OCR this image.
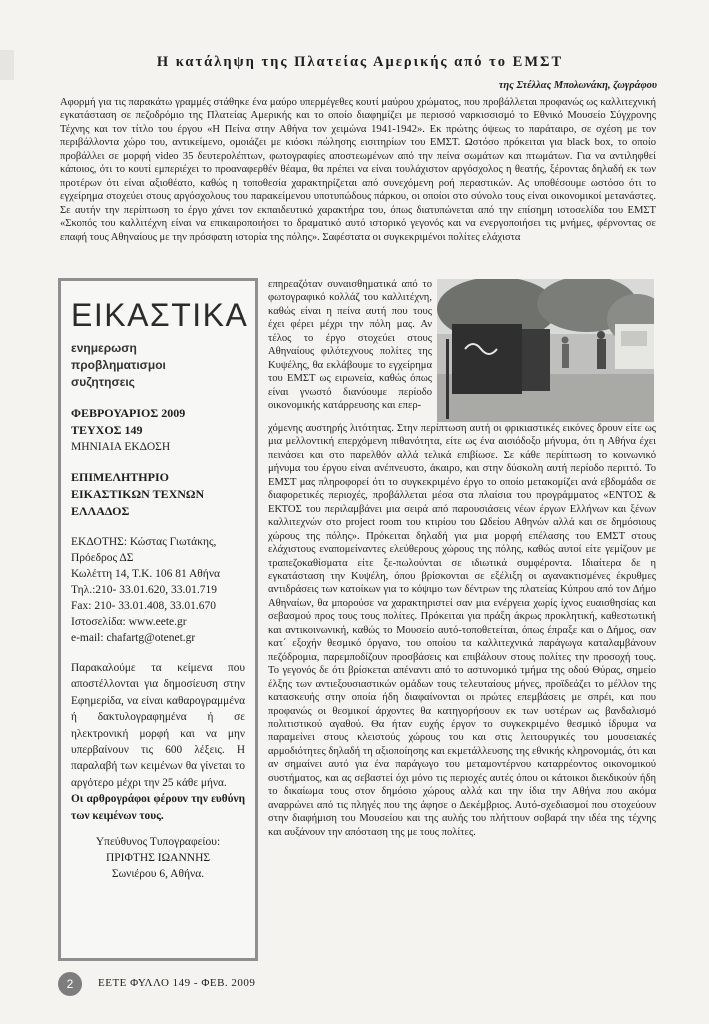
Η κατάληψη της Πλατείας Αμερικής από το ΕΜΣΤ
της Στέλλας Μπολωνάκη, ζωγράφου

Αφορμή για τις παρακάτω γραμμές στάθηκε ένα μαύρο υπερμέγεθες κουτί μαύρου χρώματος, που προβάλλεται προφανώς ως καλλιτεχνική εγκατάσταση σε πεζοδρόμιο της Πλατείας Αμερικής και το οποίο διαφημίζει με περισσό ναρκισσισμό το Εθνικό Μουσείο Σύγχρονης Τέχνης και τον τίτλο του έργου «Η Πείνα στην Αθήνα τον χειμώνα 1941-1942». Εκ πρώτης όψεως το παράταιρο, σε σχέση με τον περιβάλλοντα χώρο του, αντικείμενο, ομοιάζει με κιόσκι πώλησης εισιτηρίων του ΕΜΣΤ. Ωστόσο πρόκειται για black box, το οποίο προβάλλει σε μορφή video 35 δευτερολέπτων, φωτογραφίες αποστεωμένων από την πείνα σωμάτων και πτωμάτων. Για να αντιληφθεί κάποιος, ότι το κουτί εμπεριέχει το προαναφερθέν θέαμα, θα πρέπει να είναι τουλάχιστον αργόσχολος η θεατής, ξέροντας δηλαδή εκ των προτέρων ότι είναι αξιοθέατο, καθώς η τοποθεσία χαρακτηρίζεται από συνεχόμενη ροή περαστικών. Ας υποθέσουμε ωστόσο ότι το εγχείρημα στοχεύει στους αργόσχολους του παρακείμενου υποτυπώδους πάρκου, οι οποίοι στο σύνολο τους είναι οικονομικοί μετανάστες. Σε αυτήν την περίπτωση το έργο χάνει τον εκπαιδευτικό χαρακτήρα του, όπως διατυπώνεται από την επίσημη ιστοσελίδα του ΕΜΣΤ «Σκοπός του καλλιτέχνη είναι να επικαιροποιήσει το δραματικό αυτό ιστορικό γεγονός και να ενεργοποιήσει τις μνήμες, φέρνοντας σε επαφή τους Αθηναίους με την πρόσφατη ιστορία της πόλης». Σαφέστατα οι συγκεκριμένοι πολίτες ελάχιστα

ΕΙΚΑΣΤΙΚΑ
ενημερωση
προβληματισμοι
συζητησεις
ΦΕΒΡΟΥΑΡΙΟΣ 2009
ΤΕΥΧΟΣ 149
ΜΗΝΙΑΙΑ ΕΚΔΟΣΗ
ΕΠΙΜΕΛΗΤΗΡΙΟ
ΕΙΚΑΣΤΙΚΩΝ ΤΕΧΝΩΝ
ΕΛΛΑΔΟΣ
ΕΚΔΟΤΗΣ: Κώστας Γιωτάκης,
Πρόεδρος ΔΣ
Κωλέττη 14, Τ.Κ. 106 81 Αθήνα
Τηλ.:210- 33.01.620, 33.01.719
Fax: 210- 33.01.408, 33.01.670
Ιστοσελίδα: www.eete.gr
e-mail: chafartg@otenet.gr
Παρακαλούμε τα κείμενα που αποστέλλονται για δημοσίευση στην Εφημερίδα, να είναι καθαρογραμμένα ή δακτυλογραφημένα ή σε ηλεκτρονική μορφή και να μην υπερβαίνουν τις 600 λέξεις. Η παραλαβή των κειμένων θα γίνεται το αργότερο μέχρι την 25 κάθε μήνα.
Οι αρθρογράφοι φέρουν την ευθύνη των κειμένων τους.
Υπεύθυνος Τυπογραφείου:
ΠΡΙΦΤΗΣ ΙΩΑΝΝΗΣ
Σωνιέρου 6, Αθήνα.
επηρεαζόταν συναισθηματικά από το φωτογραφικό κολλάζ του καλλιτέχνη, καθώς είναι η πείνα αυτή που τους έχει φέρει μέχρι την πόλη μας. Αν τέλος το έργο στοχεύει στους Αθηναίους φιλότεχνους πολίτες της Κυψέλης, θα εκλάβουμε το εγχείρημα του ΕΜΣΤ ως ειρωνεία, καθώς όπως είναι γνωστό διανύουμε περίοδο οικονομικής κατάρρευσης και επερ-
χόμενης αυστηρής λιτότητας. Στην περίπτωση αυτή οι φρικιαστικές εικόνες δρουν είτε ως μια μελλοντική επερχόμενη πιθανότητα, είτε ως ένα αισιόδοξο μήνυμα, ότι η Αθήνα έχει πεινάσει και στο παρελθόν αλλά τελικά επιβίωσε. Σε κάθε περίπτωση το κοινωνικό μήνυμα του έργου είναι ανέπνευστο, άκαιρο, και στην δύσκολη αυτή περίοδο περιττό. Το ΕΜΣΤ μας πληροφορεί ότι το συγκεκριμένο έργο το οποίο μετακομίζει ανά εβδομάδα σε διαφορετικές περιοχές, προβάλλεται μέσα στα πλαίσια του προγράμματος «ΕΝΤΟΣ & ΕΚΤΟΣ του περιλαμβάνει μια σειρά από παρουσιάσεις νέων έργων Ελλήνων και ξένων καλλιτεχνών στο project room του κτιρίου του Ωδείου Αθηνών αλλά και σε δημόσιους χώρους της πόλης». Πρόκειται δηλαδή για μια μορφή επέλασης του ΕΜΣΤ στους ελάχιστους εναπομείναντες ελεύθερους χώρους της πόλης, καθώς αυτοί είτε γεμίζουν με τραπεζοκαθίσματα είτε ξε-πωλούνται σε ιδιωτικά συμφέροντα. Ιδιαίτερα δε η εγκατάσταση την Κυψέλη, όπου βρίσκονται σε εξέλιξη οι αγανακτισμένες έκρυθμες αντιδράσεις των κατοίκων για το κόψιμο των δέντρων της πλατείας Κύπρου από τον Δήμο Αθηναίων, θα μπορούσε να χαρακτηριστεί σαν μια ενέργεια χωρίς ίχνος ευαισθησίας και σεβασμού προς τους τους πολίτες. Πρόκειται για πράξη άκρως προκλητική, καθεστωτική και αντικοινωνική, καθώς το Μουσείο αυτό-τοποθετείται, όπως έπραξε και ο Δήμος, σαν κατ΄ εξοχήν θεσμικό όργανο, του οποίου τα καλλιτεχνικά παράγωγα καταλαμβάνουν πεζόδρομια, παρεμποδίζουν προσβάσεις και επιβάλουν στους πολίτες την προσοχή τους. Το γεγονός δε ότι βρίσκεται απέναντι από το αστυνομικό τμήμα της οδού Θύρας, σημείο έλξης των αντιεξουσιαστικών ομάδων τους τελευταίους μήνες, προϊδεάζει το μέλλον της κατασκευής στην οποία ήδη διαφαίνονται οι πρώτες επεμβάσεις με σπρέι, και που προφανώς οι θεσμικοί άρχοντες θα κατηγορήσουν εκ των υστέρων ως βανδαλισμό πολιτιστικού αγαθού. Θα ήταν ευχής έργον το συγκεκριμένο θεσμικό ίδρυμα να παραμείνει στους κλειστούς χώρους του και στις λειτουργικές του μουσειακές αρμοδιότητες δηλαδή τη αξιοποίησης και εκμετάλλευσης της εθνικής κληρονομιάς, ότι και αν σημαίνει αυτό για ένα παράγωγο του μεταμοντέρνου καταρρέοντος οικονομικού συστήματος, και ας σεβαστεί όχι μόνο τις περιοχές αυτές όπου οι κάτοικοι διεκδικούν ήδη το δικαίωμα τους στον δημόσιο χώρους αλλά και την ίδια την Αθήνα που ακόμα αναρρώνει από τις πληγές που της άφησε ο Δεκέμβριος. Αυτό-σχεδιασμοί που στοχεύουν στην διαφήμιση του Μουσείου και της αυλής του πλήττουν σοβαρά την ιδέα της τέχνης και αυξάνουν την απόσταση της με τους πολίτες.
2	ΕΕΤΕ ΦΥΛΛΟ 149 - ΦΕΒ. 2009
